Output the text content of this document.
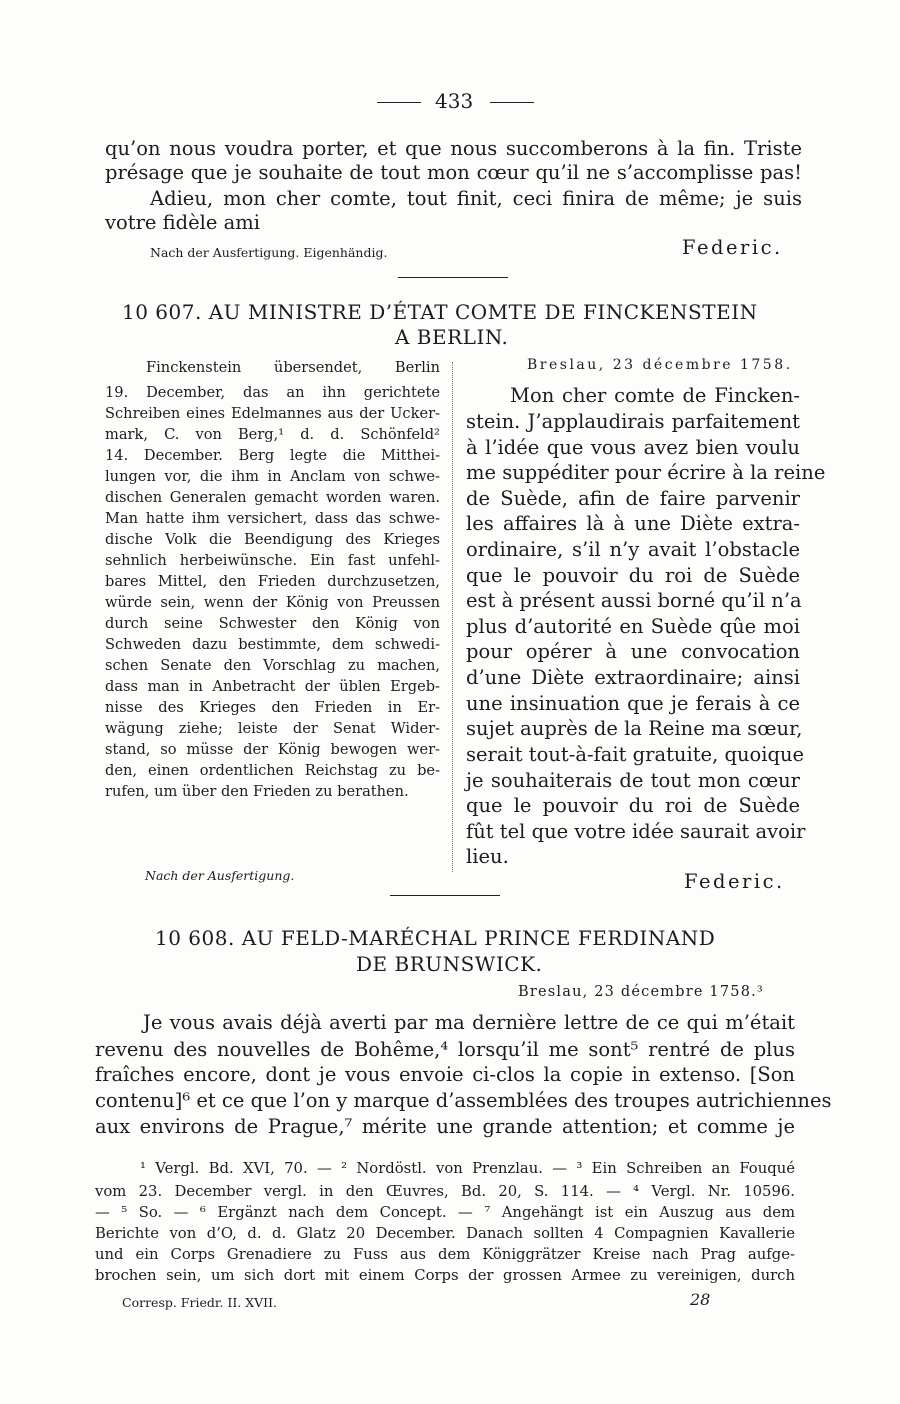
433
qu’on nous voudra porter, et que nous succomberons à la fin. Triste
présage que je souhaite de tout mon cœur qu’il ne s’accomplisse pas!
Adieu, mon cher comte, tout finit, ceci finira de même; je suis
votre fidèle ami
Nach der Ausfertigung. Eigenhändig.	Federic.
10 607. AU MINISTRE D’ÉTAT COMTE DE FINCKENSTEIN
A BERLIN.
Finckenstein übersendet, Berlin
19. December, das an ihn gerichtete
Schreiben eines Edelmannes aus der Ucker-
mark, C. von Berg,¹ d. d. Schönfeld²
14. December. Berg legte die Mitthei-
lungen vor, die ihm in Anclam von schwe-
dischen Generalen gemacht worden waren.
Man hatte ihm versichert, dass das schwe-
dische Volk die Beendigung des Krieges
sehnlich herbeiwünsche. Ein fast unfehl-
bares Mittel, den Frieden durchzusetzen,
würde sein, wenn der König von Preussen
durch seine Schwester den König von
Schweden dazu bestimmte, dem schwedi-
schen Senate den Vorschlag zu machen,
dass man in Anbetracht der üblen Ergeb-
nisse des Krieges den Frieden in Er-
wägung ziehe; leiste der Senat Wider-
stand, so müsse der König bewogen wer-
den, einen ordentlichen Reichstag zu be-
rufen, um über den Frieden zu berathen.
Breslau, 23 décembre 1758.
Mon cher comte de Fincken-
stein. J’applaudirais parfaitement
à l’idée que vous avez bien voulu
me suppéditer pour écrire à la reine
de Suède, afin de faire parvenir
les affaires là à une Diète extra-
ordinaire, s’il n’y avait l’obstacle
que le pouvoir du roi de Suède
est à présent aussi borné qu’il n’a
plus d’autorité en Suède qûe moi
pour opérer à une convocation
d’une Diète extraordinaire; ainsi
une insinuation que je ferais à ce
sujet auprès de la Reine ma sœur,
serait tout-à-fait gratuite, quoique
je souhaiterais de tout mon cœur
que le pouvoir du roi de Suède
fût tel que votre idée saurait avoir
lieu.
Nach der Ausfertigung.	Federic.
10 608. AU FELD-MARÉCHAL PRINCE FERDINAND
DE BRUNSWICK.
Breslau, 23 décembre 1758.³
Je vous avais déjà averti par ma dernière lettre de ce qui m’était
revenu des nouvelles de Bohême,⁴ lorsqu’il me sont⁵ rentré de plus
fraîches encore, dont je vous envoie ci-clos la copie in extenso. [Son
contenu]⁶ et ce que l’on y marque d’assemblées des troupes autrichiennes
aux environs de Prague,⁷ mérite une grande attention; et comme je
¹ Vergl. Bd. XVI, 70. — ² Nordöstl. von Prenzlau. — ³ Ein Schreiben an Fouqué
vom 23. December vergl. in den Œuvres, Bd. 20, S. 114. — ⁴ Vergl. Nr. 10596.
— ⁵ So. — ⁶ Ergänzt nach dem Concept. — ⁷ Angehängt ist ein Auszug aus dem
Berichte von d’O, d. d. Glatz 20 December. Danach sollten 4 Compagnien Kavallerie
und ein Corps Grenadiere zu Fuss aus dem Königgrätzer Kreise nach Prag aufge-
brochen sein, um sich dort mit einem Corps der grossen Armee zu vereinigen, durch
Corresp. Friedr. II. XVII.	28
